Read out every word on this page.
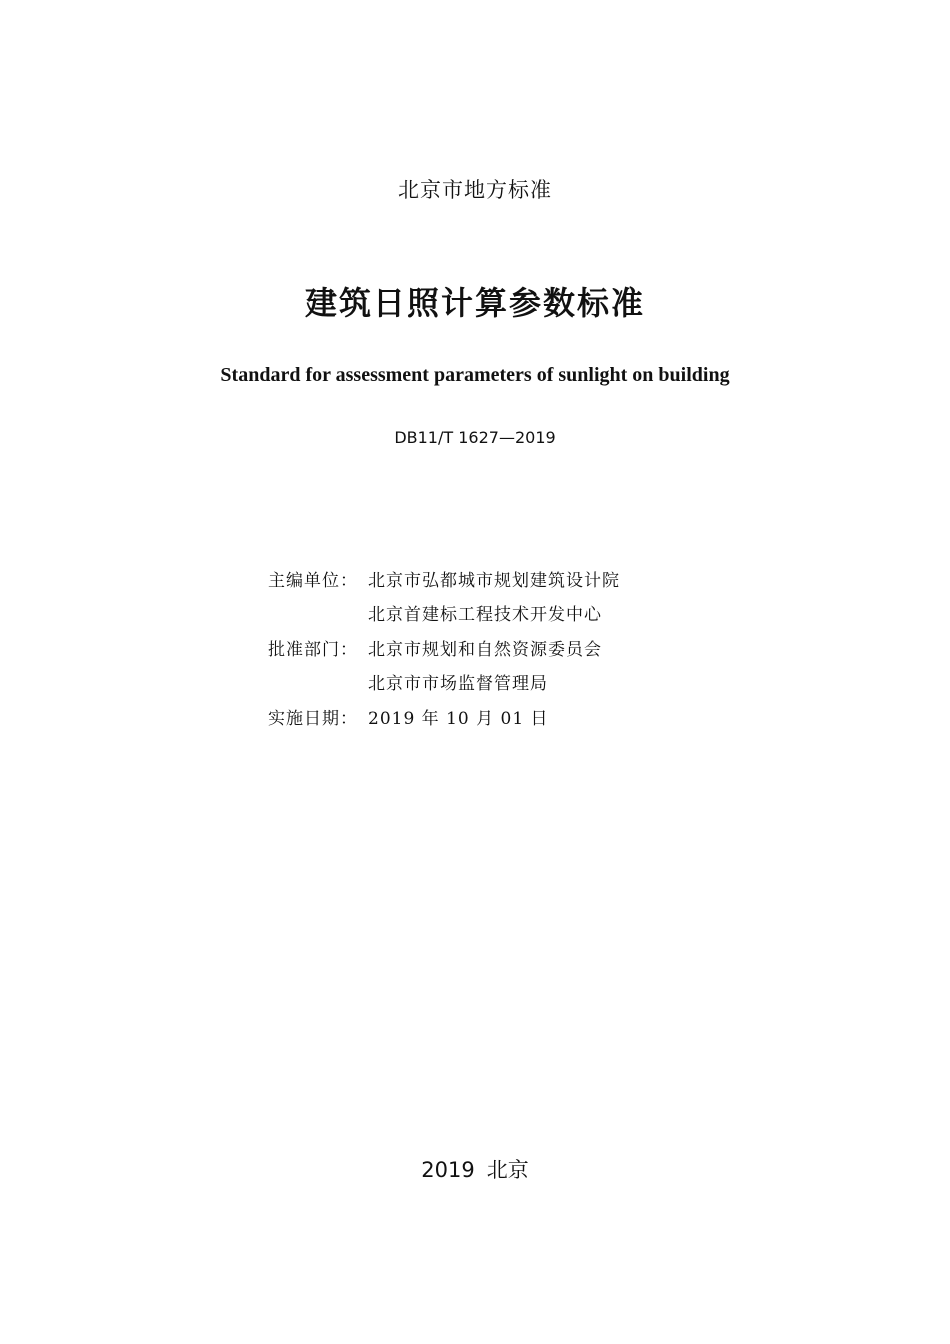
北京市地方标准
建筑日照计算参数标准
Standard for assessment parameters of sunlight on building
DB11/T 1627—2019
主编单位： 北京市弘都城市规划建筑设计院
北京首建标工程技术开发中心
批准部门： 北京市规划和自然资源委员会
北京市市场监督管理局
实施日期： 2019 年 10 月 01 日
2019 北京
